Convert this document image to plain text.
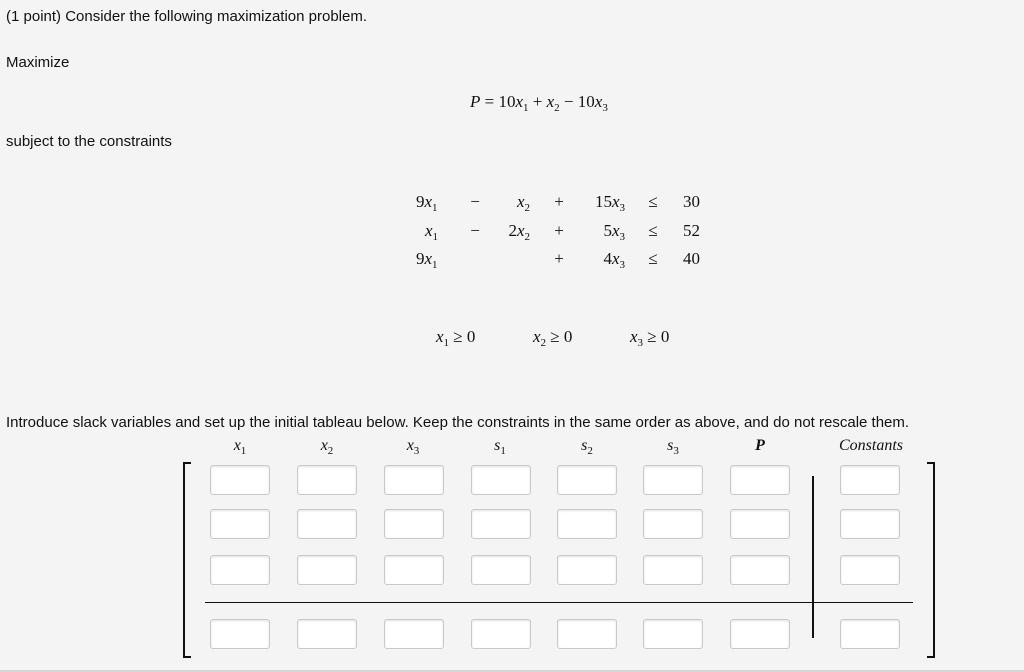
(1 point) Consider the following maximization problem.
Maximize
$P = 10x_1 + x_2 - 10x_3$
subject to the constraints
$9x_1$ −	$x_2$ +	$15x_3 \le 30$
$x_1$ −	$2x_2$ +	$5x_3 \le 52$
$9x_1$	+	$4x_3 \le 40$
$x_1 \ge 0$	$x_2 \ge 0$	$x_3 \ge 0$
Introduce slack variables and set up the initial tableau below. Keep the constraints in the same order as above, and do not rescale them.
$x_1$	$x_2$	$x_3$	$s_1$	$s_2$	$s_3$	P	Constants
